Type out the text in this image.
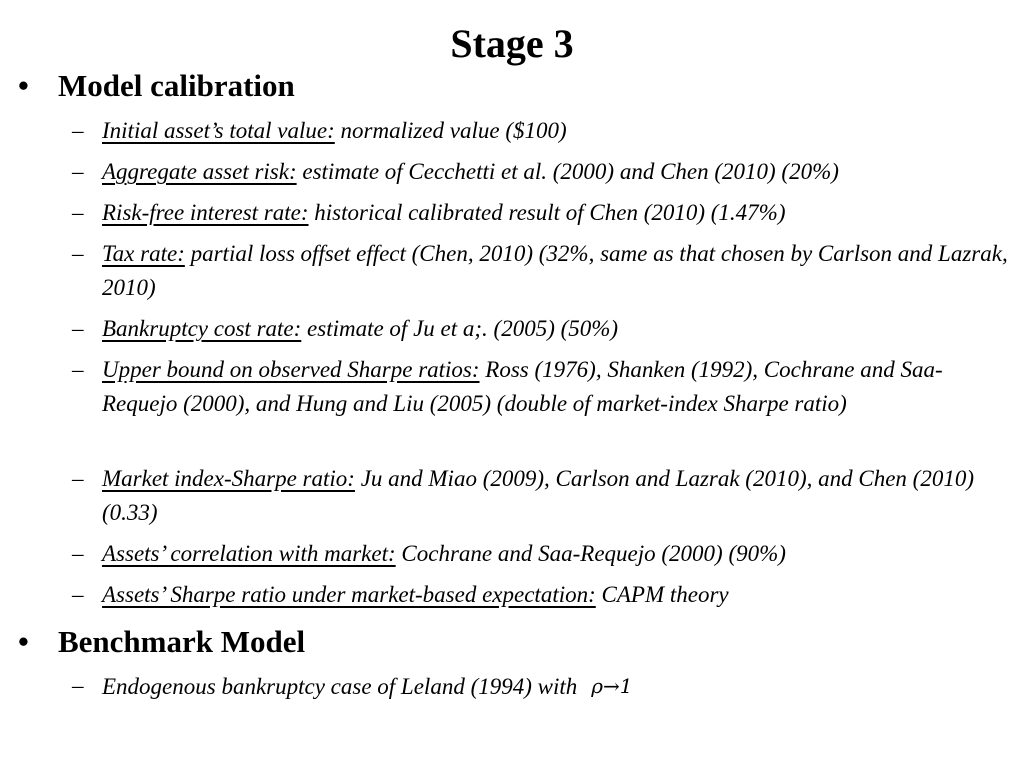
Stage 3
• Model calibration
– Initial asset’s total value: normalized value ($100)
– Aggregate asset risk: estimate of Cecchetti et al. (2000) and Chen (2010) (20%)
– Risk-free interest rate: historical calibrated result of Chen (2010) (1.47%)
– Tax rate: partial loss offset effect (Chen, 2010) (32%, same as that chosen by Carlson and Lazrak, 2010)
– Bankruptcy cost rate: estimate of Ju et a;. (2005) (50%)
– Upper bound on observed Sharpe ratios: Ross (1976), Shanken (1992), Cochrane and Saa-Requejo (2000), and Hung and Liu (2005) (double of market-index Sharpe ratio)
– Market index-Sharpe ratio: Ju and Miao (2009), Carlson and Lazrak (2010), and Chen (2010) (0.33)
– Assets’ correlation with market: Cochrane and Saa-Requejo (2000) (90%)
– Assets’ Sharpe ratio under market-based expectation: CAPM theory
• Benchmark Model
– Endogenous bankruptcy case of Leland (1994) with ρ→1
